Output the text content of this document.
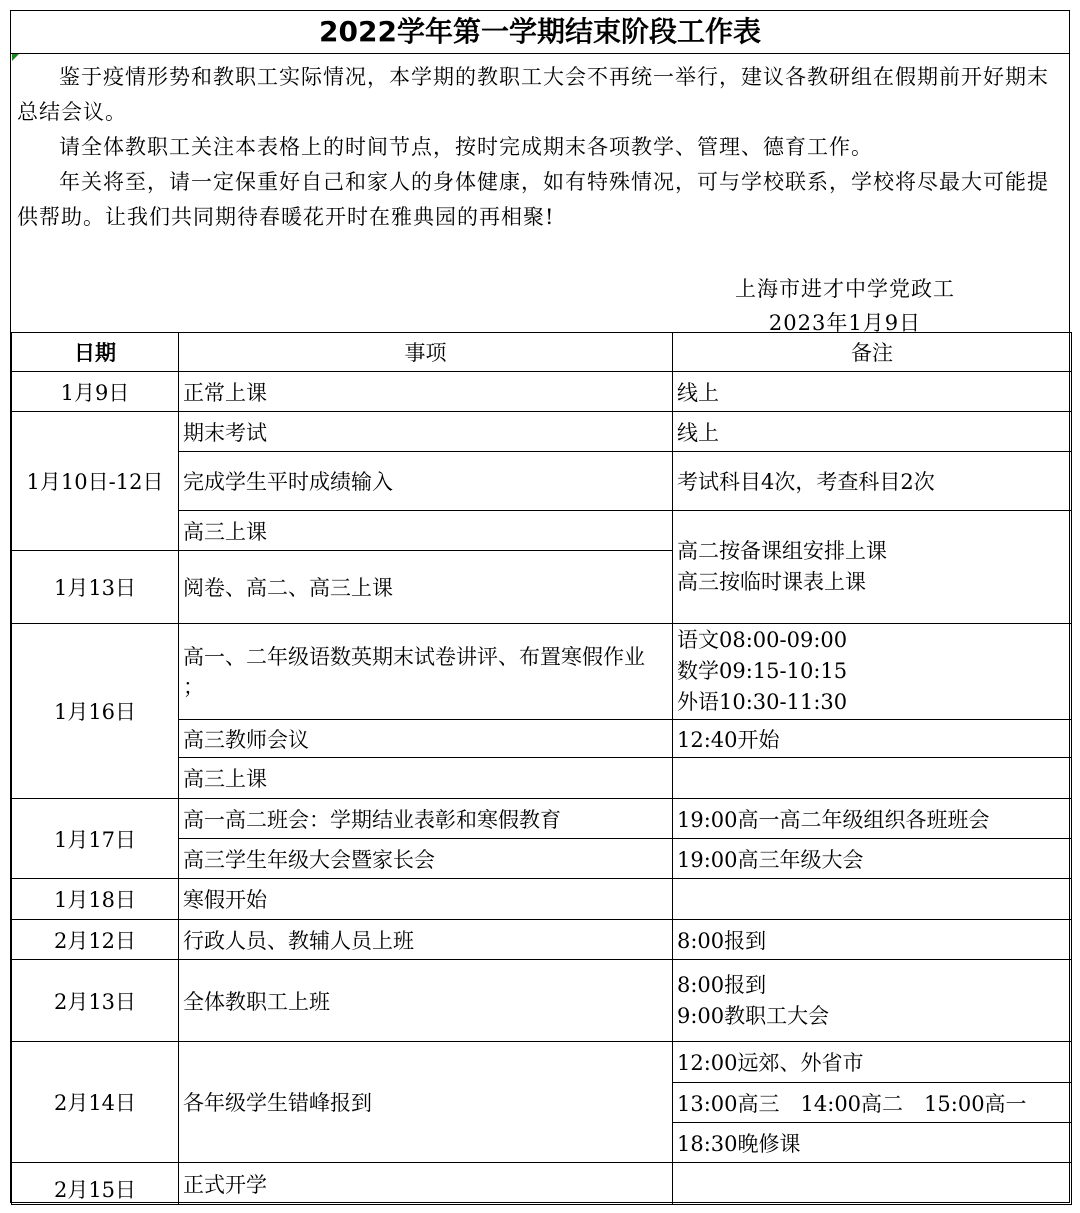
2022学年第一学期结束阶段工作表

鉴于疫情形势和教职工实际情况，本学期的教职工大会不再统一举行，建议各教研组在假期前开好期末总结会议。

请全体教职工关注本表格上的时间节点，按时完成期末各项教学、管理、德育工作。

年关将至，请一定保重好自己和家人的身体健康，如有特殊情况，可与学校联系，学校将尽最大可能提供帮助。让我们共同期待春暖花开时在雅典园的再相聚!

上海市进才中学党政工
2023年1月9日
日期	事项	备注
1月9日	正常上课	线上
1月10日-12日	期末考试	线上
	完成学生平时成绩输入	考试科目4次，考查科目2次
	高三上课	高二按备课组安排上课
高三按临时课表上课

1月13日	阅卷、高二、高三上课	
1月16日	高一、二年级语数英期末试卷讲评、布置寒假作业 ；	语文08:00-09:00
数学09:15-10:15
外语10:30-11:30

	高三教师会议	12:40开始
	高三上课	
1月17日	高一高二班会：学期结业表彰和寒假教育	19:00高一高二年级组织各班班会
	高三学生年级大会暨家长会	19:00高三年级大会
1月18日	寒假开始	
2月12日	行政人员、教辅人员上班	8:00报到
2月13日	全体教职工上班	8:00报到
9:00教职工大会

2月14日	各年级学生错峰报到	12:00远郊、外省市
		13:00高三　14:00高二　15:00高一
		18:30晚修课
2月15日	正式开学	
